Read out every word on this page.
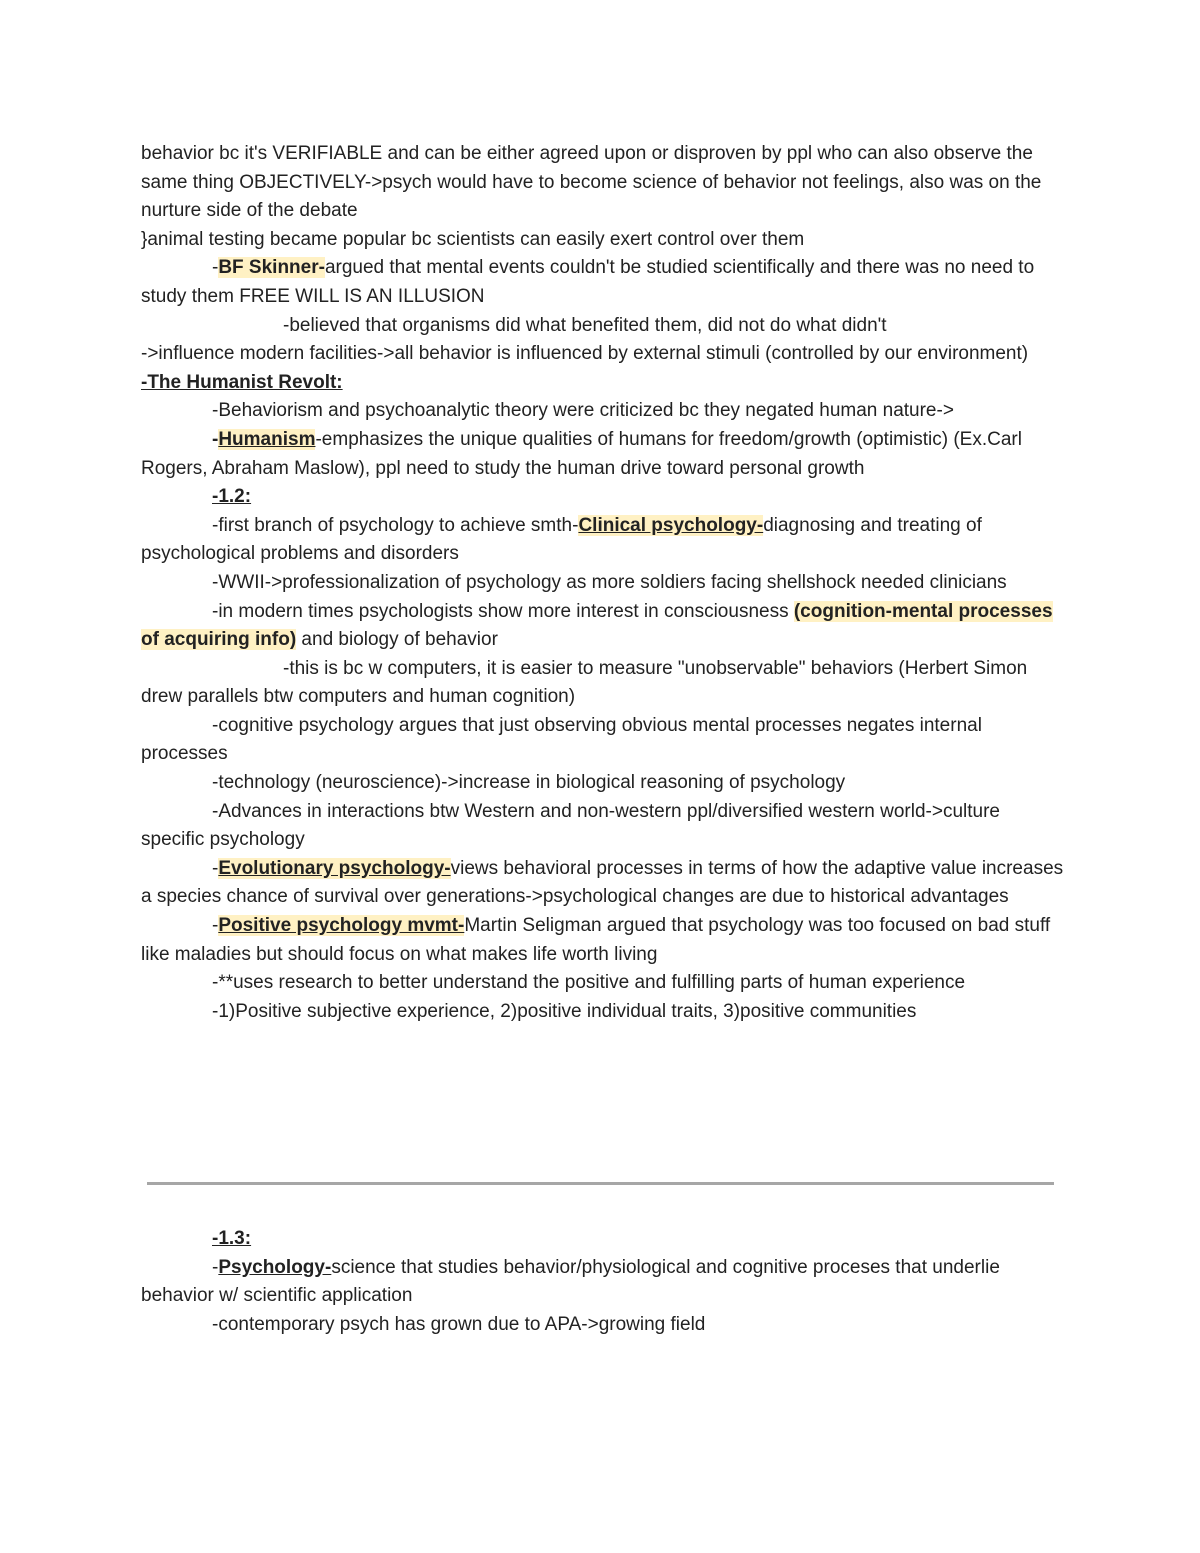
behavior bc it's VERIFIABLE and can be either agreed upon or disproven by ppl who can also observe the same thing OBJECTIVELY->psych would have to become science of behavior not feelings, also was on the nurture side of the debate

}animal testing became popular bc scientists can easily exert control over them

-BF Skinner-argued that mental events couldn't be studied scientifically and there was no need to study them FREE WILL IS AN ILLUSION

-believed that organisms did what benefited them, did not do what didn't

->influence modern facilities->all behavior is influenced by external stimuli (controlled by our environment)

-The Humanist Revolt:

-Behaviorism and psychoanalytic theory were criticized bc they negated human nature->

-Humanism-emphasizes the unique qualities of humans for freedom/growth (optimistic) (Ex.Carl Rogers, Abraham Maslow), ppl need to study the human drive toward personal growth

-1.2:

-first branch of psychology to achieve smth-Clinical psychology-diagnosing and treating of psychological problems and disorders

-WWII->professionalization of psychology as more soldiers facing shellshock needed clinicians

-in modern times psychologists show more interest in consciousness (cognition-mental processes of acquiring info) and biology of behavior

-this is bc w computers, it is easier to measure "unobservable" behaviors (Herbert Simon drew parallels btw computers and human cognition)

-cognitive psychology argues that just observing obvious mental processes negates internal processes

-technology (neuroscience)->increase in biological reasoning of psychology

-Advances in interactions btw Western and non-western ppl/diversified western world->culture specific psychology

-Evolutionary psychology-views behavioral processes in terms of how the adaptive value increases a species chance of survival over generations->psychological changes are due to historical advantages

-Positive psychology mvmt-Martin Seligman argued that psychology was too focused on bad stuff like maladies but should focus on what makes life worth living

-**uses research to better understand the positive and fulfilling parts of human experience

-1)Positive subjective experience, 2)positive individual traits, 3)positive communities

-1.3:

-Psychology-science that studies behavior/physiological and cognitive proceses that underlie behavior w/ scientific application

-contemporary psych has grown due to APA->growing field
